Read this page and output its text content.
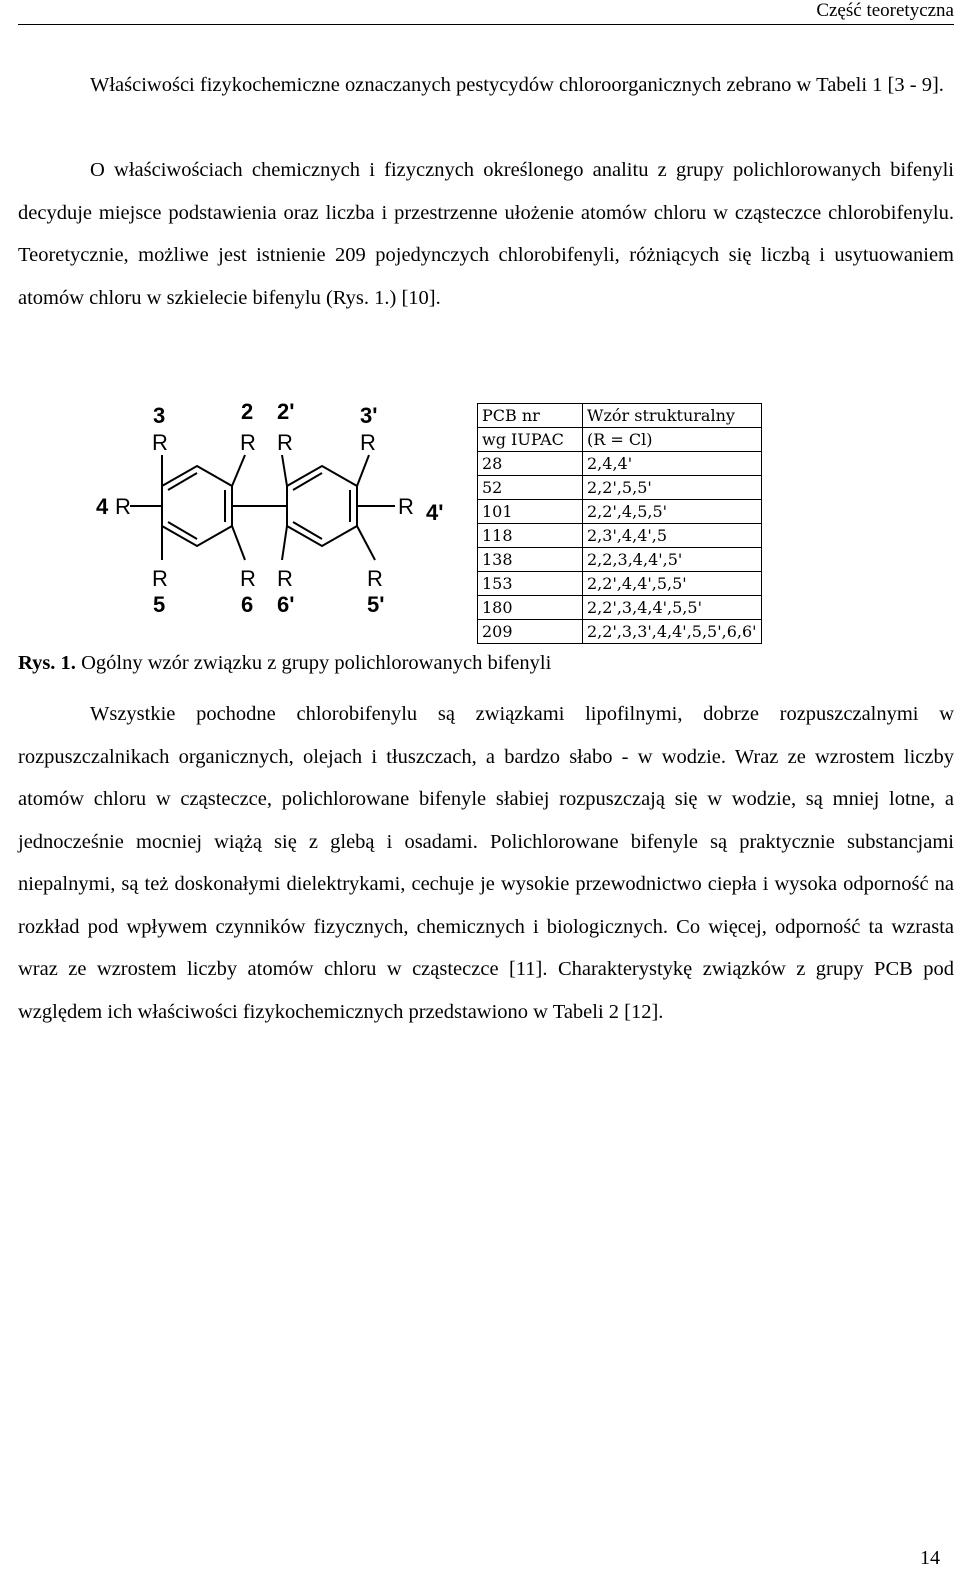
Część teoretyczna

Właściwości fizykochemiczne oznaczanych pestycydów chloroorganicznych zebrano w Tabeli 1 [3 - 9].

O właściwościach chemicznych i fizycznych określonego analitu z grupy polichlorowanych bifenyli decyduje miejsce podstawienia oraz liczba i przestrzenne ułożenie atomów chloru w cząsteczce chlorobifenylu. Teoretycznie, możliwe jest istnienie 209 pojedynczych chlorobifenyli, różniących się liczbą i usytuowaniem atomów chloru w szkielecie bifenylu (Rys. 1.) [10].

R	R R	R
R	R
R	R R	R
3	2 2'	3'
4	4'
5	6 6'	5'
PCB nr	Wzór strukturalny
wg IUPAC	(R = Cl)
28	2,4,4'
52	2,2',5,5'
101	2,2',4,5,5'
118	2,3',4,4',5
138	2,2,3,4,4',5'
153	2,2',4,4',5,5'
180	2,2',3,4,4',5,5'
209	2,2',3,3',4,4',5,5',6,6'
Rys. 1. Ogólny wzór związku z grupy polichlorowanych bifenyli

Wszystkie pochodne chlorobifenylu są związkami lipofilnymi, dobrze rozpuszczalnymi w rozpuszczalnikach organicznych, olejach i tłuszczach, a bardzo słabo - w wodzie. Wraz ze wzrostem liczby atomów chloru w cząsteczce, polichlorowane bifenyle słabiej rozpuszczają się w wodzie, są mniej lotne, a jednocześnie mocniej wiążą się z glebą i osadami. Polichlorowane bifenyle są praktycznie substancjami niepalnymi, są też doskonałymi dielektrykami, cechuje je wysokie przewodnictwo ciepła i wysoka odporność na rozkład pod wpływem czynników fizycznych, chemicznych i biologicznych. Co więcej, odporność ta wzrasta wraz ze wzrostem liczby atomów chloru w cząsteczce [11]. Charakterystykę związków z grupy PCB pod względem ich właściwości fizykochemicznych przedstawiono w Tabeli 2 [12].

14
